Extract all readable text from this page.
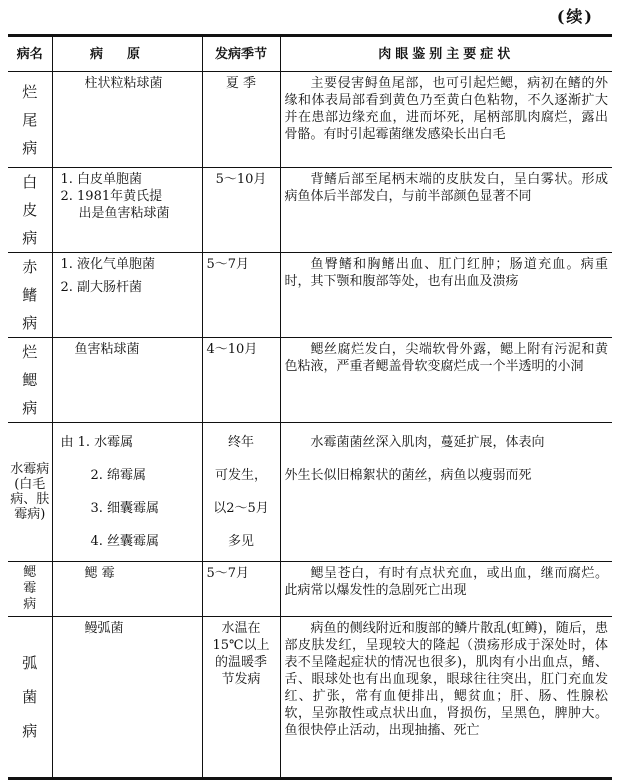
(续)
病名	病原	发病季节	肉眼鉴别主要症状

烂
尾
病	柱状粒粘球菌	夏 季	主要侵害鲟鱼尾部，也可引起烂鳃，病初在鳍的外缘和体表局部看到黄色乃至黄白色粘物，不久逐渐扩大并在患部边缘充血，进而坏死，尾柄部肌肉腐烂，露出骨骼。有时引起霉菌继发感染长出白毛

白
皮
病	1. 白皮单胞菌
2. 1981年黄氏提
出是鱼害粘球菌	5～10月	背鳍后部至尾柄末端的皮肤发白，呈白雾状。形成病鱼体后半部发白，与前半部颜色显著不同

赤
鳍
病	1. 液化气单胞菌
2. 副大肠杆菌	5～7月	鱼臀鳍和胸鳍出血、肛门红肿；肠道充血。病重时，其下颚和腹部等处，也有出血及溃疡

烂
鳃
病	鱼害粘球菌	4～10月	鳃丝腐烂发白，尖端软骨外露，鳃上附有污泥和黄色粘液，严重者鳃盖骨软变腐烂成一个半透明的小洞

水霉病(白毛病、肤霉病)	由 1. 水霉属
2. 绵霉属
3. 细囊霉属
4. 丝囊霉属	终年
可发生，
以2～5月
多见	水霉菌菌丝深入肌肉，蔓延扩展，体表向
外生长似旧棉絮状的菌丝，病鱼以瘦弱而死

鳃
霉
病	鳃 霉	5～7月	鳃呈苍白，有时有点状充血，或出血，继而腐烂。此病常以爆发性的急剧死亡出现

弧
菌
病	鳗弧菌	水温在
15℃以上
的温暖季
节发病	病鱼的侧线附近和腹部的鳞片散乱(虹鳟)，随后，患部皮肤发红，呈现较大的隆起（溃疡形成于深处时，体表不呈隆起症状的情况也很多)，肌肉有小出血点，鳍、舌、眼球处也有出血现象，眼球往往突出，肛门充血发红、扩张，常有血便排出，鳃贫血；肝、肠、性腺松软，呈弥散性或点状出血，肾损伤，呈黑色，脾肿大。鱼很快停止活动，出现抽搐、死亡
